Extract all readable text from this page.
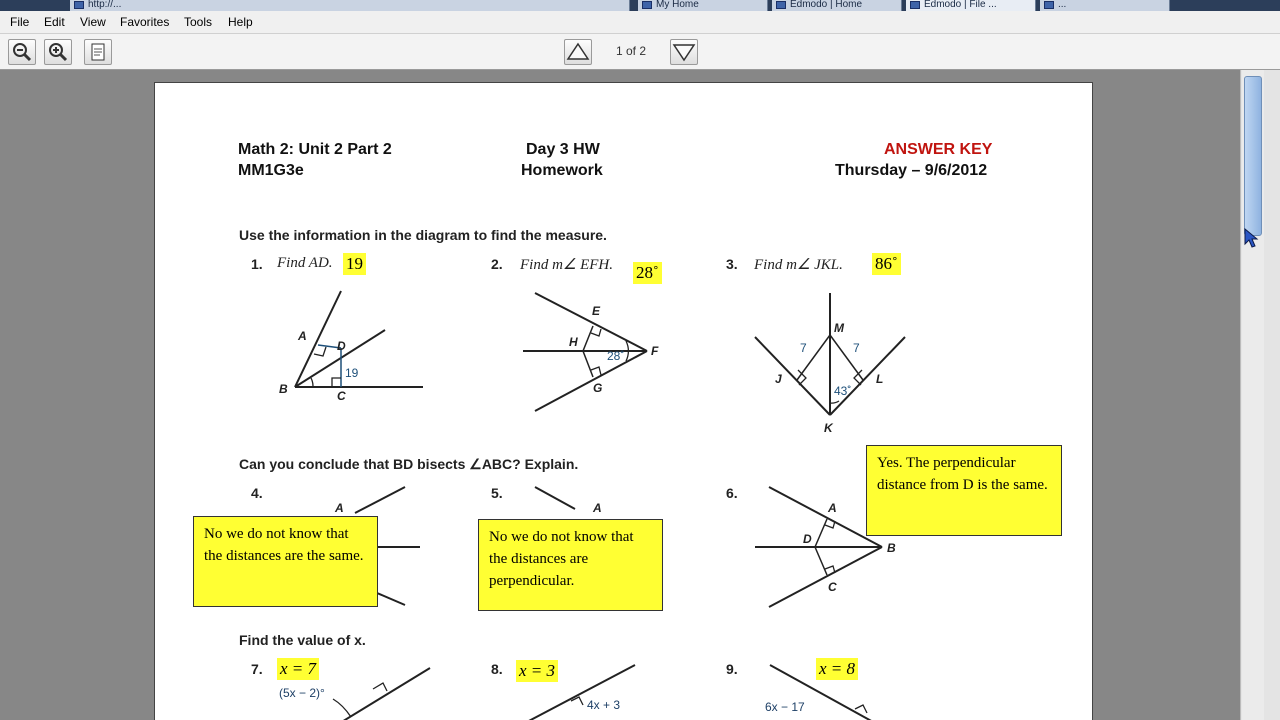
http://...	My Home	Edmodo | Home	Edmodo | File ...	...
File Edit View Favorites Tools Help
1 of 2
Math 2: Unit 2 Part 2
MM1G3e
Day 3 HW
Homework
ANSWER KEY
Thursday – 9/6/2012
Use the information in the diagram to find the measure.
1. Find AD. 19	2. Find m∠ EFH. 28˚	3. Find m∠ JKL. 86˚
A
B	C
D
19
E
F
G
H
28˚
M
J
K
L
7	7
43˚
Can you conclude that BD bisects ∠ABC? Explain.
4.
A
No we do not know that the distances are the same.
5.
A
No we do not know that the distances are perpendicular.
6.
Yes. The perpendicular distance from D is the same.
A
B
C
D
Find the value of x.
7. x = 7
(5x − 2)°
8. x = 3
4x + 3
9.	x = 8
6x − 17
